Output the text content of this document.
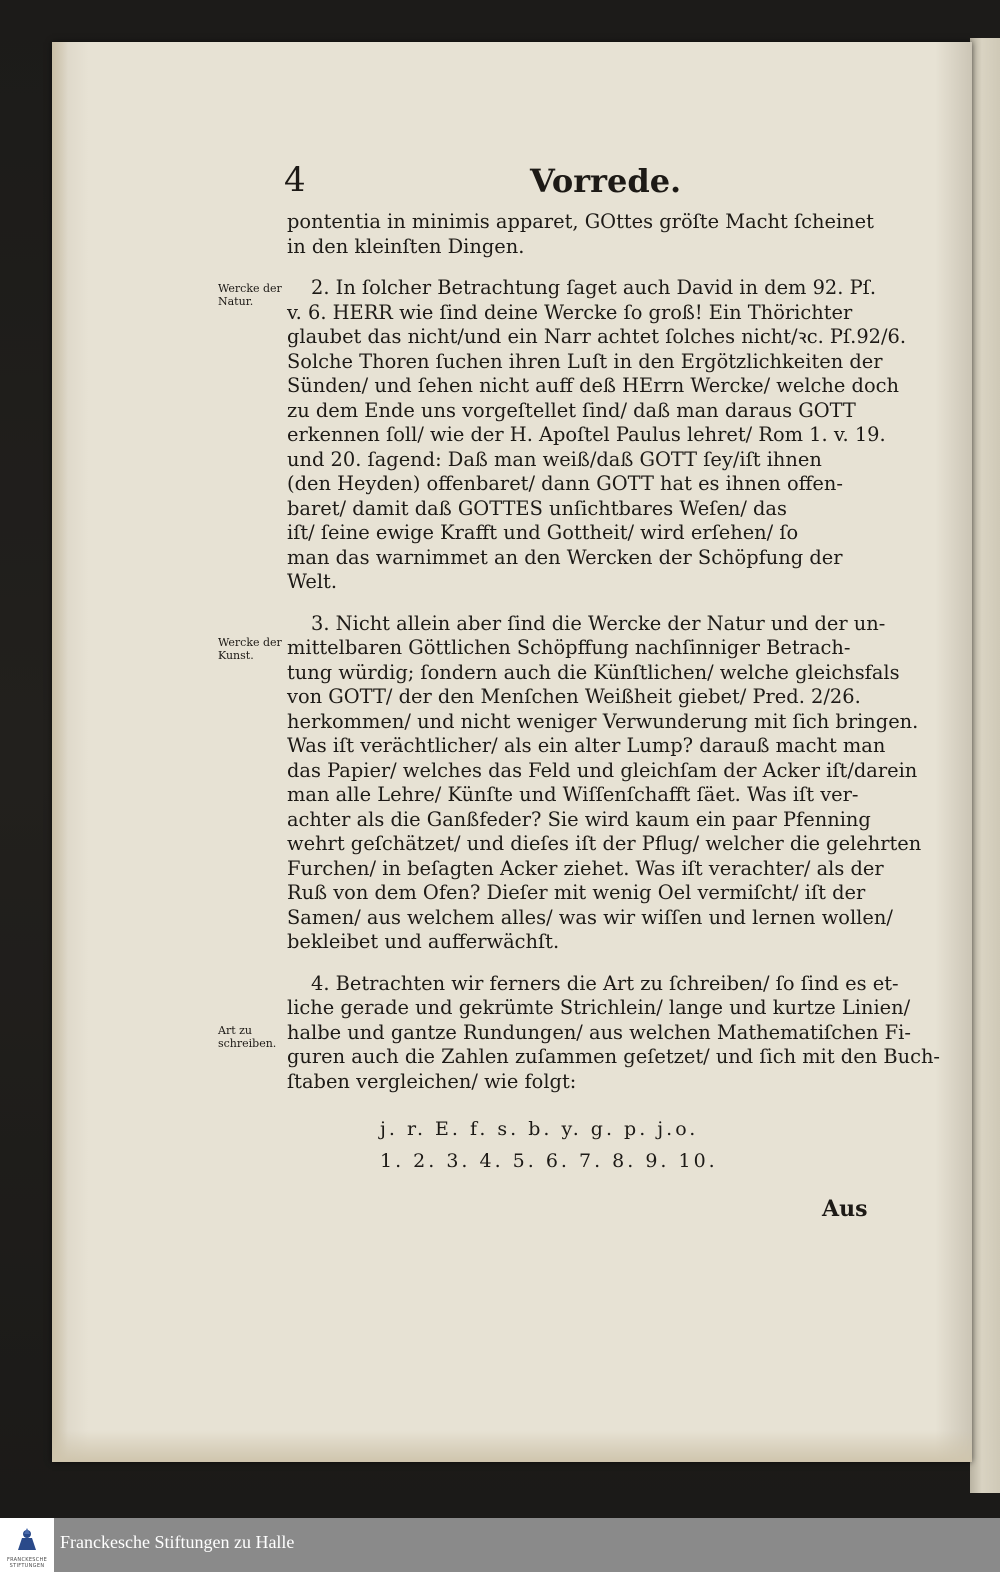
4	Vorrede.
Wercke der Natur.
Wercke der Kunst.
Art zu schreiben.
pontentia in minimis apparet, GOttes gröſte Macht ſcheinet
in den kleinſten Dingen.
2. In ſolcher Betrachtung ſaget auch David in dem 92. Pſ.
v. 6. HERR wie ſind deine Wercke ſo groß! Ein Thörichter
glaubet das nicht/und ein Narr achtet ſolches nicht/ꝛc. Pſ.92/6.
Solche Thoren ſuchen ihren Luſt in den Ergötzlichkeiten der
Sünden/ und ſehen nicht auff deß HErrn Wercke/ welche doch
zu dem Ende uns vorgeſtellet ſind/ daß man daraus GOTT
erkennen ſoll/ wie der H. Apoſtel Paulus lehret/ Rom 1. v. 19.
und 20. ſagend: Daß man weiß/daß GOTT ſey/iſt ihnen
(den Heyden) offenbaret/ dann GOTT hat es ihnen offen-
baret/ damit daß GOTTES unſichtbares Weſen/ das
iſt/ ſeine ewige Krafft und Gottheit/ wird erſehen/ ſo
man das warnimmet an den Wercken der Schöpfung der
Welt.
3. Nicht allein aber ſind die Wercke der Natur und der un-
mittelbaren Göttlichen Schöpffung nachſinniger Betrach-
tung würdig; ſondern auch die Künſtlichen/ welche gleichsfals
von GOTT/ der den Menſchen Weißheit giebet/ Pred. 2/26.
herkommen/ und nicht weniger Verwunderung mit ſich bringen.
Was iſt verächtlicher/ als ein alter Lump? darauß macht man
das Papier/ welches das Feld und gleichſam der Acker iſt/darein
man alle Lehre/ Künſte und Wiſſenſchafft ſäet. Was iſt ver-
achter als die Ganßfeder? Sie wird kaum ein paar Pfenning
wehrt geſchätzet/ und dieſes iſt der Pflug/ welcher die gelehrten
Furchen/ in beſagten Acker ziehet. Was iſt verachter/ als der
Ruß von dem Ofen? Dieſer mit wenig Oel vermiſcht/ iſt der
Samen/ aus welchem alles/ was wir wiſſen und lernen wollen/
bekleibet und aufferwächſt.
4. Betrachten wir ferners die Art zu ſchreiben/ ſo ſind es et-
liche gerade und gekrümte Strichlein/ lange und kurtze Linien/
halbe und gantze Rundungen/ aus welchen Mathematiſchen Fi-
guren auch die Zahlen zuſammen geſetzet/ und ſich mit den Buch-
ſtaben vergleichen/ wie folgt:
j. r. E. f. s. b. y. g. p. j.o.
1. 2. 3. 4. 5. 6. 7. 8. 9. 10.
Aus
FRANCKESCHE STIFTUNGEN
Franckesche Stiftungen zu Halle
